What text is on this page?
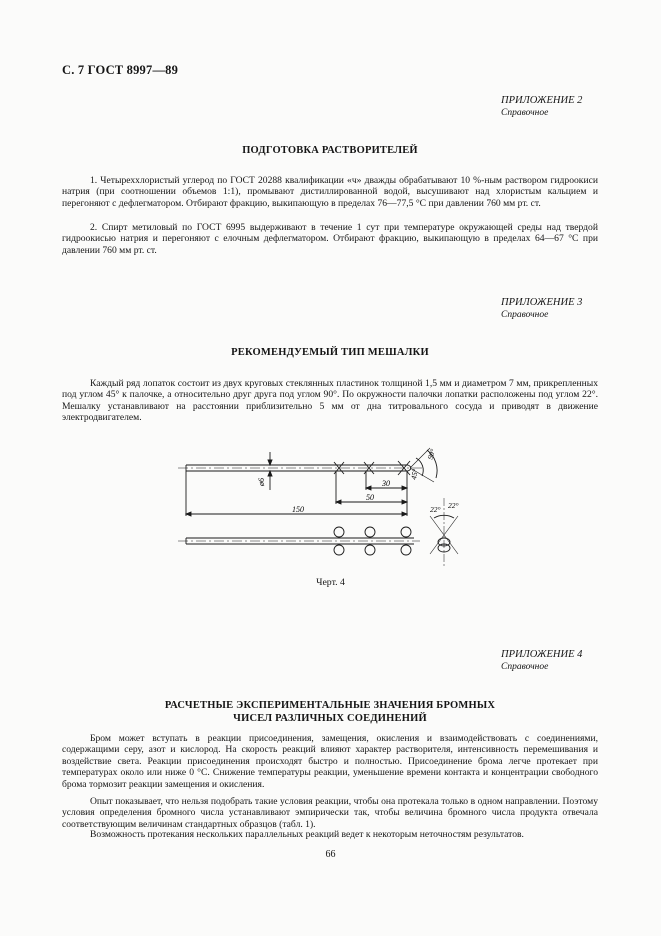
С. 7 ГОСТ 8997—89
ПРИЛОЖЕНИЕ 2
Справочное
ПОДГОТОВКА РАСТВОРИТЕЛЕЙ

1. Четыреххлористый углерод по ГОСТ 20288 квалификации «ч» дважды обрабатывают 10 %-ным раствором гидроокиси натрия (при соотношении объемов 1:1), промывают дистиллированной водой, высушивают над хлористым кальцием и перегоняют с дефлегматором. Отбирают фракцию, выкипающую в пределах 76—77,5 °С при давлении 760 мм рт. ст.

2. Спирт метиловый по ГОСТ 6995 выдерживают в течение 1 сут при температуре окружающей среды над твердой гидроокисью натрия и перегоняют с елочным дефлегматором. Отбирают фракцию, выкипающую в пределах 64—67 °С при давлении 760 мм рт. ст.

ПРИЛОЖЕНИЕ 3
Справочное
РЕКОМЕНДУЕМЫЙ ТИП МЕШАЛКИ

Каждый ряд лопаток состоит из двух круговых стеклянных пластинок толщиной 1,5 мм и диаметром 7 мм, прикрепленных под углом 45° к палочке, а относительно друг друга под углом 90°. По окружности палочки лопатки расположены под углом 22°. Мешалку устанавливают на расстоянии приблизительно 5 мм от дна титровального сосуда и приводят в движение электродвигателем.

ø6	30
50
150
90°
45°
22° 22°
Черт. 4
ПРИЛОЖЕНИЕ 4
Справочное
РАСЧЕТНЫЕ ЭКСПЕРИМЕНТАЛЬНЫЕ ЗНАЧЕНИЯ БРОМНЫХ
ЧИСЕЛ РАЗЛИЧНЫХ СОЕДИНЕНИЙ

Бром может вступать в реакции присоединения, замещения, окисления и взаимодействовать с соединениями, содержащими серу, азот и кислород. На скорость реакций влияют характер растворителя, интенсивность перемешивания и воздействие света. Реакции присоединения происходят быстро и полностью. Присоединение брома легче протекает при температурах около или ниже 0 °С. Снижение температуры реакции, уменьшение времени контакта и концентрации свободного брома тормозит реакции замещения и окисления.

Опыт показывает, что нельзя подобрать такие условия реакции, чтобы она протекала только в одном направлении. Поэтому условия определения бромного числа устанавливают эмпирически так, чтобы величина бромного числа продукта отвечала соответствующим величинам стандартных образцов (табл. 1).

Возможность протекания нескольких параллельных реакций ведет к некоторым неточностям результатов.

66
